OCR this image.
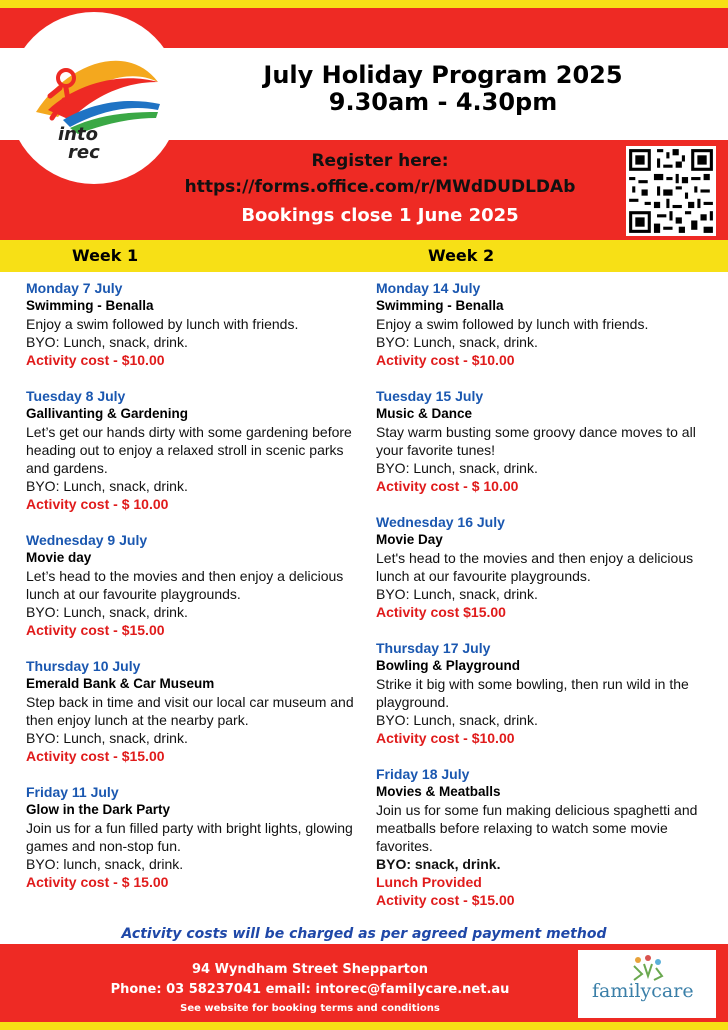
into
rec
July Holiday Program 2025
9.30am - 4.30pm
Register here:
https://forms.office.com/r/MWdDUDLDAb
Bookings close 1 June 2025
Week 1	Week 2
Monday 7 July
Swimming - Benalla
Enjoy a swim followed by lunch with friends.
BYO: Lunch, snack, drink.
Activity cost - $10.00
Tuesday 8 July
Gallivanting & Gardening
Let’s get our hands dirty with some gardening before heading out to enjoy a relaxed stroll in scenic parks and gardens.
BYO: Lunch, snack, drink.
Activity cost - $ 10.00
Wednesday 9 July
Movie day
Let’s head to the movies and then enjoy a delicious lunch at our favourite playgrounds.
BYO: Lunch, snack, drink.
Activity cost - $15.00
Thursday 10 July
Emerald Bank & Car Museum
Step back in time and visit our local car museum and then enjoy lunch at the nearby park.
BYO: Lunch, snack, drink.
Activity cost - $15.00
Friday 11 July
Glow in the Dark Party
Join us for a fun filled party with bright lights, glowing games and non-stop fun.
BYO: lunch, snack, drink.
Activity cost - $ 15.00
Monday 14 July
Swimming - Benalla
Enjoy a swim followed by lunch with friends.
BYO: Lunch, snack, drink.
Activity cost - $10.00
Tuesday 15 July
Music & Dance
Stay warm busting some groovy dance moves to all your favorite tunes!
BYO: Lunch, snack, drink.
Activity cost - $ 10.00
Wednesday 16 July
Movie Day
Let's head to the movies and then enjoy a delicious lunch at our favourite playgrounds.
BYO: Lunch, snack, drink.
Activity cost $15.00
Thursday 17 July
Bowling & Playground
Strike it big with some bowling, then run wild in the playground.
BYO: Lunch, snack, drink.
Activity cost - $10.00
Friday 18 July
Movies & Meatballs
Join us for some fun making delicious spaghetti and meatballs before relaxing to watch some movie favorites.
BYO: snack, drink.
Lunch Provided
Activity cost - $15.00
Activity costs will be charged as per agreed payment method
94 Wyndham Street Shepparton
Phone: 03 58237041 email: intorec@familycare.net.au
See website for booking terms and conditions
familycare
